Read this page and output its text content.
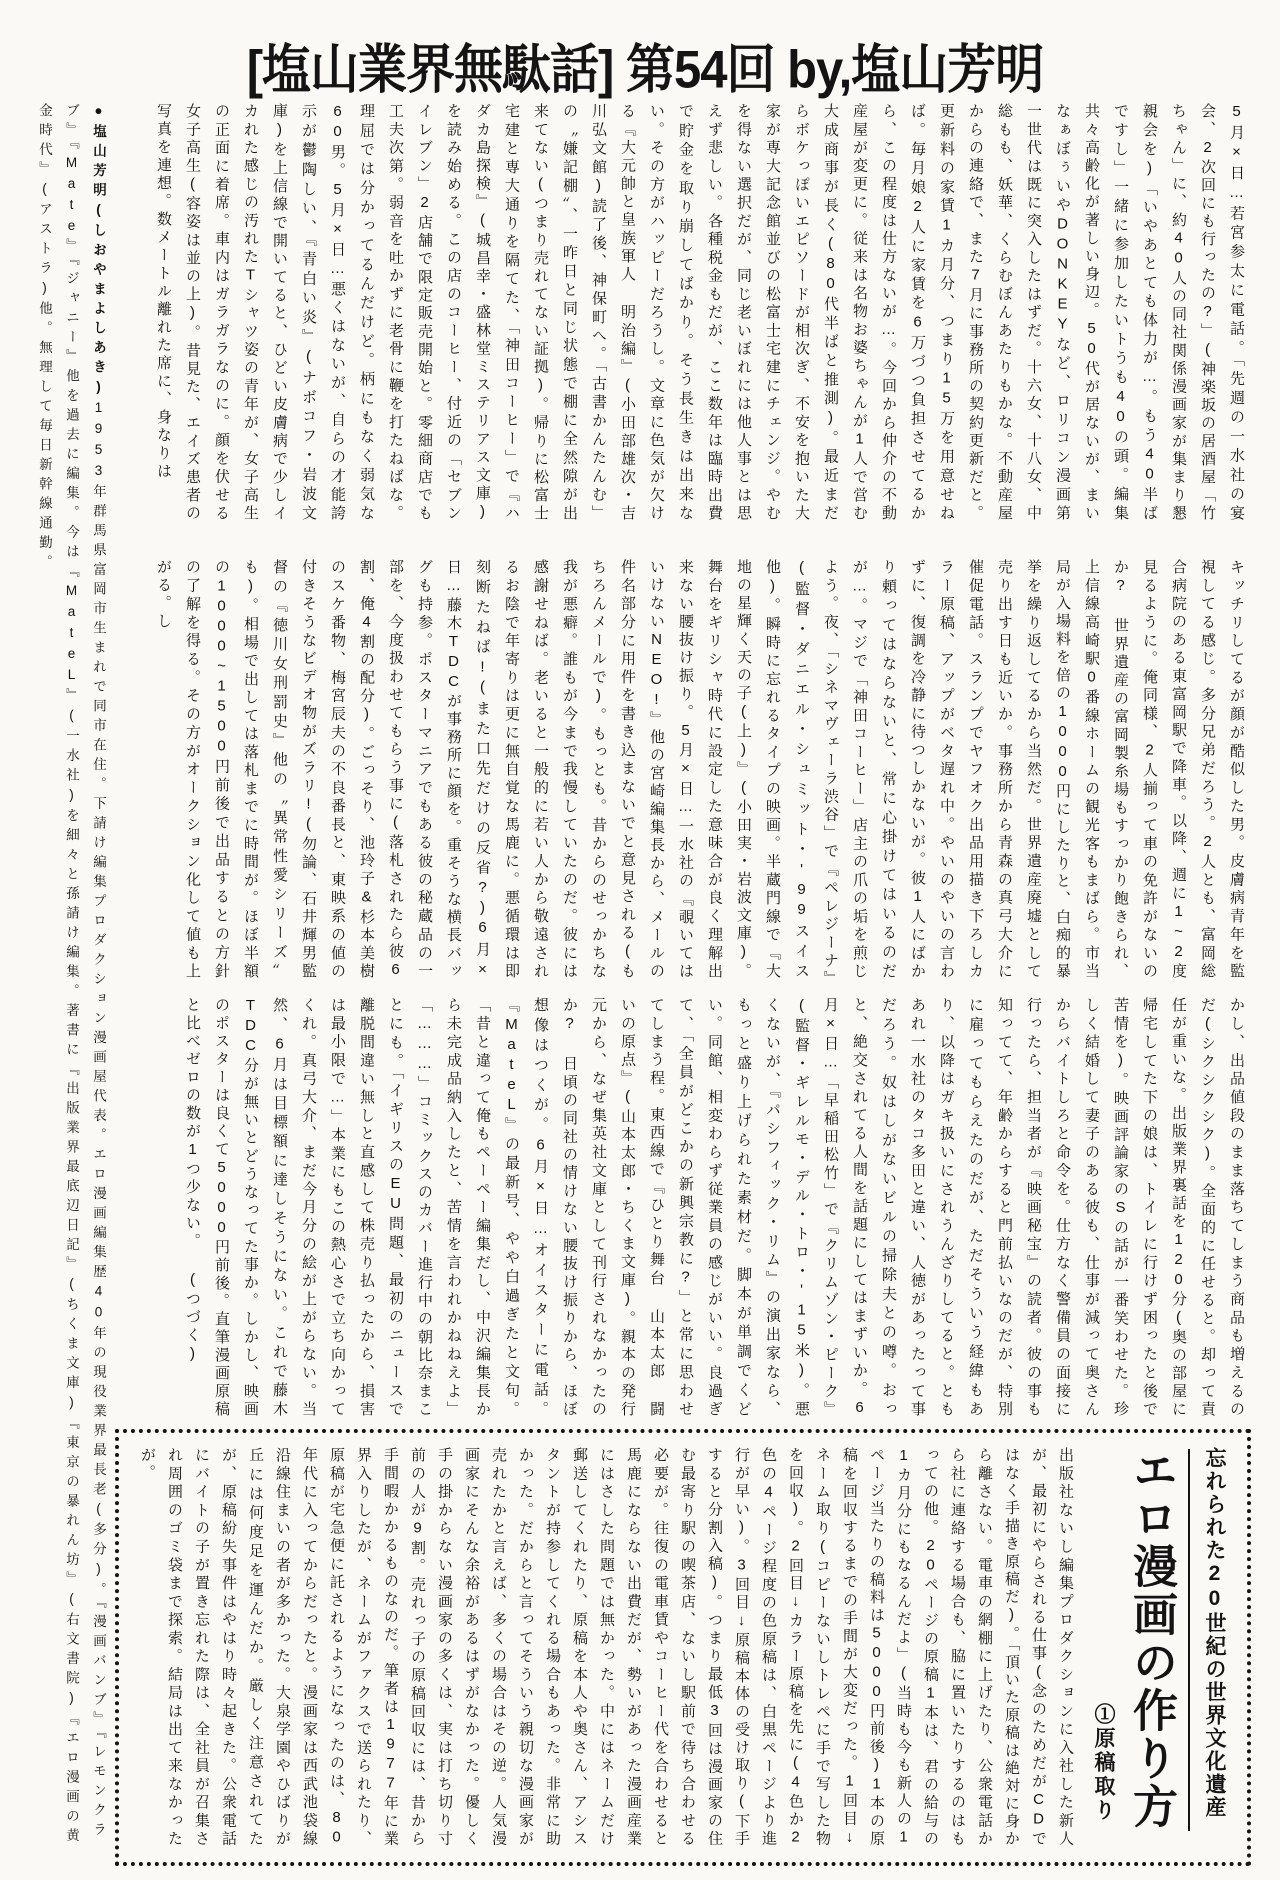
[塩山業界無駄話] 第54回 by,塩山芳明
●塩山芳明(しおやまよしあき)1953年群馬県富岡市生まれで同市在住。下請け編集プロダクション漫画屋代表。エロ漫画編集歴40年の現役業界最長老(多分)。『漫画バンブ』『レモンクラブ』『Mate』『ジャニー』他を過去に編集。今は『MateL』(一水社)を細々と孫請け編集。著書に『出版業界最底辺日記』(ちくま文庫)『東京の暴れん坊』(右文書院)『エロ漫画の黄金時代』(アストラ)他。無理して毎日新幹線通勤。	5月×日…若宮参太に電話。「先週の一水社の宴会、2次回にも行ったの?」(神楽坂の居酒屋「竹ちゃん」に、約40人の同社関係漫画家が集まり懇親会を)「いやあとても体力が…。もう40半ばですし」一緒に参加したいトうも40の頭。編集共々高齢化が著しい身辺。50代が居ないが、まいなぁぼぅいやDONKEYなど、ロリコン漫画第一世代は既に突入したはずだ。十六女、十八女、中総もも、妖華、くらむぼんあたりもかな。不動産屋からの連絡で、また7月に事務所の契約更新だと。更新料の家賃1カ月分、つまり15万を用意せねば。毎月娘2人に家賃を6万づつ負担させてるから、この程度は仕方ないが…。今回から仲介の不動産屋が変更に。従来は名物お婆ちゃんが1人で営む大成商事が長く(80代半ばと推測)。最近まだらボケっぽいエピソードが相次ぎ、不安を抱いた大家が専大記念館並びの松富士宅建にチェンジ。やむを得ない選択だが、同じ老いぼれには他人事とは思えず悲しい。各種税金もだが、ここ数年は臨時出費で貯金を取り崩してばかり。そう長生きは出来ない。その方がハッピーだろうし。文章に色気が欠ける『大元帥と皇族軍人 明治編』(小田部雄次・吉川弘文館)読了後、神保町へ。「古書かんたんむ」の〝嫌記棚〟、一昨日と同じ状態で棚に全然隙が出来てない(つまり売れてない証拠)。帰りに松富士宅建と専大通りを隔てた、「神田コーヒー」で『ハダカ島探検』(城昌幸・盛林堂ミステリアス文庫)を読み始める。この店のコーヒー、付近の「セブンイレブン」2店舗で限定販売開始と。零細商店でも工夫次第。弱音を吐かずに老骨に鞭を打たねばな。理屈では分かってるんだけど。柄にもなく弱気な60男。5月×日…悪くはないが、自らの才能誇示が鬱陶しい、『青白い炎』(ナボコフ・岩波文庫)を上信線で開いてると、ひどい皮膚病で少しイカれた感じの汚れたTシャツ姿の青年が、女子高生の正面に着席。車内はガラガラなのに。顔を伏せる女子高生(容姿は並の上)。昔見た、エイズ患者の写真を連想。数メートル離れた席に、身なりは
キッチリしてるが顔が酷似した男。皮膚病青年を監視してる感じ。多分兄弟だろう。2人とも、富岡総合病院のある東富岡駅で降車。以降、週に1~2度見るように。俺同様、2人揃って車の免許がないのか? 世界遺産の富岡製糸場もすっかり飽きられ、上信線高崎駅0番線ホームの観光客もまばら。市当局が入場料を倍の1000円にしたりと、白痴的暴挙を繰り返してるから当然だ。世界遺産廃墟として売り出す日も近いか。事務所から青森の真弓大介に催促電話。スランプでヤフオク出品用描き下ろしカラー原稿、アップがベタ遅れ中。やいのやいの言わずに、復調を冷静に待つしかないが。彼1人にばかり頼ってはならないと、常に心掛けてはいるのだが…。マジで「神田コーヒー」店主の爪の垢を煎じよう。夜、「シネマヴェーラ渋谷」で『ペレジーナ』(監督・ダニエル・シュミット・'99スイス他)。瞬時に忘れるタイプの映画。半蔵門線で『大地の星輝く天の子(上)』(小田実・岩波文庫)。舞台をギリシャ時代に設定した意味合が良く理解出来ない腰抜け振り。5月×日…一水社の『覗いてはいけないNEO!』他の宮崎編集長から、メールの件名部分に用件を書き込まないでと意見される(もちろんメールで)。もっとも。昔からのせっかちな我が悪癖。誰もが今まで我慢していたのだ。彼には感謝せねば。老いると一般的に若い人から敬遠されるお陰で年寄りは更に無自覚な馬鹿に。悪循環は即刻断たねば!(また口先だけの反省?)6月×日…藤木TDCが事務所に顔を。重そうな横長バッグも持参。ポスターマニアでもある彼の秘蔵品の一部を、今度扱わせてもらう事に(落札されたら彼6割、俺4割の配分)。ごっそり、池玲子&杉本美樹のスケ番物、梅宮辰夫の不良番長と、東映系の値の付きそうなビデオ物がズラリ!(勿論、石井輝男監督の『徳川女刑罰史』他の〝異常性愛シリーズ〟も)。相場で出しては落札までに時間が。ほぼ半額の1000~1500円前後で出品するとの方針の了解を得る。その方がオークション化して値も上がる。し
かし、出品値段のまま落ちてしまう商品も増えるのだ(シクシクシク)。全面的に任せると。却って責任が重いな。出版業界裏話を120分(奥の部屋に帰宅してた下の娘は、トイレに行けず困ったと後で苦情を)。映画評論家のSの話が一番笑わせた。珍しく結婚して妻子のある彼も、仕事が減って奥さんからバイトしろと命令を。仕方なく警備員の面接に行ったら、担当者が『映画秘宝』の読者。彼の事も知ってて、年齢からすると門前払いなのだが、特別に雇ってもらえたのだが、ただそういう経緯もあり、以降はガキ扱いにされうんざりしてると。ともあれ一水社のタコ多田と違い、人徳があったって事だろう。奴はしがないビルの掃除夫との噂。おっと、絶交されてる人間を話題にしてはまずいか。6月×日…「早稲田松竹」で『クリムゾン・ピーク』(監督・ギレルモ・デル・トロ・'15米)。悪くないが、『パシフィック・リム』の演出家なら、もっと盛り上げられた素材だ。脚本が単調でくどい。同館、相変わらず従業員の感じがいい。良過ぎて、「全員がどこかの新興宗教に?」と常に思わせてしまう程。東西線で『ひとり舞台 山本太郎 闘いの原点』(山本太郎・ちくま文庫)。親本の発行元から、なぜ集英社文庫として刊行されなかったのか? 日頃の同社の情けない腰抜け振りから、ほぼ想像はつくが。6月×日…オイスターに電話。『MateL』の最新号、やや白過ぎたと文句。「昔と違って俺もペーペー編集だし、中沢編集長から未完成品納入したと、苦情を言われかねねえよ」「………」コミックスのカバー進行中の朝比奈まことにも。「イギリスのEU問題、最初のニュースで離脱間違い無しと直感して株売り払ったから、損害は最小限で…」本業にもこの熱心さで立ち向かってくれ。真弓大介、まだ今月分の絵が上がらない。当然、6月は目標額に達しそうにない。これで藤木TDC分が無いとどうなってた事か。しかし、映画のポスターは良くて5000円前後。直筆漫画原稿と比べゼロの数が1つ少ない。 (つづく)
忘れられた20世紀の世界文化遺産
エロ漫画の作り方
①原稿取り
出版社ないし編集プロダクションに入社した新人が、最初にやらされる仕事(念のためだがCDではなく手描き原稿だ)。「頂いた原稿は絶対に身から離さない。電車の網棚に上げたり、公衆電話から社に連絡する場合も、脇に置いたりするのはもっての他。20ページの原稿1本は、君の給与の1カ月分にもなるんだよ」(当時も今も新人の1ページ当たりの稿料は5000円前後)1本の原稿を回収するまでの手間が大変だった。1回目↓ネーム取り(コピーないしトレペに手で写した物を回収)。2回目↓カラー原稿を先に(4色か2色の4ページ程度の色原稿は、白黒ページより進行が早い)。3回目↓原稿本体の受け取り(下手すると分割入稿)。つまり最低3回は漫画家の住む最寄り駅の喫茶店、ないし駅前で待ち合わせる必要が。往復の電車賃やコーヒー代を合わせると馬鹿にならない出費だが、勢いがあった漫画産業にはさした問題では無かった。中にはネームだけ郵送してくれたり、原稿を本人や奥さん、アシスタントが持参してくれる場合もあった。非常に助かった。だからと言ってそういう親切な漫画家が売れたかと言えば、多くの場合はその逆。人気漫画家にそんな余裕があるはずがなかった。優しく手の掛からない漫画家の多くは、実は打ち切り寸前の人が9割。売れっ子の原稿回収には、昔から手間暇かかるものなのだ。筆者は1977年に業界入りしたが、ネームがファクスで送られたり、原稿が宅急便に託されるようになったのは、80年代に入ってからだったと。漫画家は西武池袋線沿線住まいの者が多かった。大泉学園やひばりが丘には何度足を運んだか。厳しく注意されてたが、原稿紛失事件はやはり時々起きた。公衆電話にバイトの子が置き忘れた際は、全社員が召集され周囲のゴミ袋まで探索。結局は出て来なかったが。
